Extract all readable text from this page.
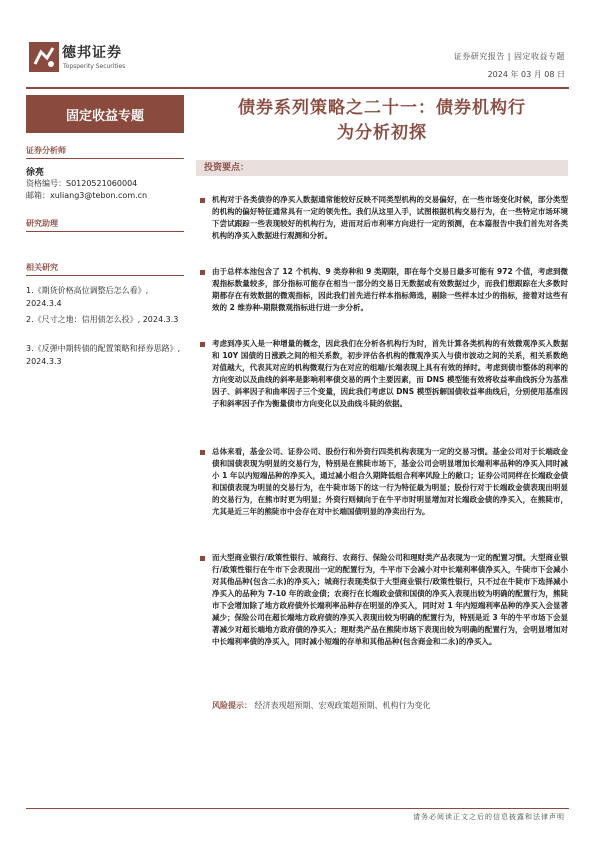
德邦证券
Topsperity Securities
证券研究报告 | 固定收益专题
2024 年 03 月 08 日
固定收益专题
证券分析师
徐亮
资格编号：S0120521060004
邮箱：xuliang3@tebon.com.cn
研究助理
相关研究
1.《期货价格高位调整后怎么看》, 2024.3.4
2.《尺寸之地：信用债怎么投》, 2024.3.3
3.《反弹中期转债的配置策略和择券思路》, 2024.3.3
债券系列策略之二十一：债券机构行
为分析初探
投资要点：
机构对于各类债券的净买入数据通常能较好反映不同类型机构的交易偏好，在一些市场变化时候，部分类型的机构的偏好特征通常具有一定的领先性。我们从这里入手，试图根据机构交易行为，在一些特定市场环境下尝试跟踪一些表现较好的机构行为，进而对后市利率方向进行一定的预测，在本篇报告中我们首先对各类机构的净买入数据进行观测和分析。
由于总样本池包含了 12 个机构、9 类券种和 9 类期限，即在每个交易日最多可能有 972 个值，考虑到微观指标数量较多，部分指标可能存在相当一部分的交易日无数据或有效数据过少，而我们想跟踪在大多数时期都存在有效数据的微观指标，因此我们首先进行样本指标筛选，剔除一些样本过少的指标，接着对这些有效的 2 维券种-期限微观指标进行进一步分析。
考虑到净买入是一种增量的概念，因此我们在分析各机构行为时，首先计算各类机构的有效微观净买入数据和 10Y 国债的日涨跌之间的相关系数，初步评估各机构的微观净买入与债市波动之间的关系，相关系数绝对值越大，代表其对应的机构微观行为在对应的组端/长端表现上具有有效的择时。考虑到债市整体的利率的方向变动以及曲线的斜率是影响利率债交易的两个主要因素，而 DNS 模型能有效将收益率曲线拆分为基准因子、斜率因子和曲率因子三个变量，因此我们考虑以 DNS 模型拆解国债收益率曲线后，分别使用基准因子和斜率因子作为衡量债市方向变化以及曲线斗陡的依据。
总体来看，基金公司、证券公司、股份行和外资行四类机构表现为一定的交易习惯。基金公司对于长端政金债和国债表现为明显的交易行为，特别是在熊陡市场下，基金公司会明显增加长端利率品种的净买入同时减小 1 年以内短端品种的净买入，通过减小组合久期降低组合利率风险上的敞口；证券公司同样在长端政金债和国债表现为明显的交易行为，在牛陡市场下的这一行为特征最为明显；股份行对于长端政金债表现出明显的交易行为，在熊市时更为明显；外资行则倾向于在牛平市时明显增加对长端政金债的净买入，在熊陡市，尤其是近三年的熊陡市中会存在对中长端国债明显的净卖出行为。
而大型商业银行/政策性银行、城商行、农商行、保险公司和理财类产品表现为一定的配置习惯。大型商业银行/政策性银行在牛市下会表现出一定的配置行为，牛平市下会减小对中长端利率债净买入，牛陡市下会减小对其他品种(包含二永)的净买入；城商行表现类似于大型商业银行/政策性银行，只不过在牛陡市下选择减小净买入的品种为 7-10 年的政金债；农商行在长端政金债和国债的净买入表现出较为明确的配置行为，熊陡市下会增加除了地方政府债外长端利率品种存在明显的净买入，同时对 1 年内短端利率品种的净买入会显著减少；保险公司在超长端地方政府债的净买入表现出较为明确的配置行为，特别是近 3 年的牛平市场下会显著减少对超长端地方政府债的净买入；理财类产品在熊陡市场下表现出较为明确的配置行为，会明显增加对中长端利率债的净买入，同时减小短端的存单和其他品种(包含商金和二永)的净买入。
风险提示： 经济表现超预期、宏观政策超预期、机构行为变化
请务必阅读正文之后的信息披露和法律声明
